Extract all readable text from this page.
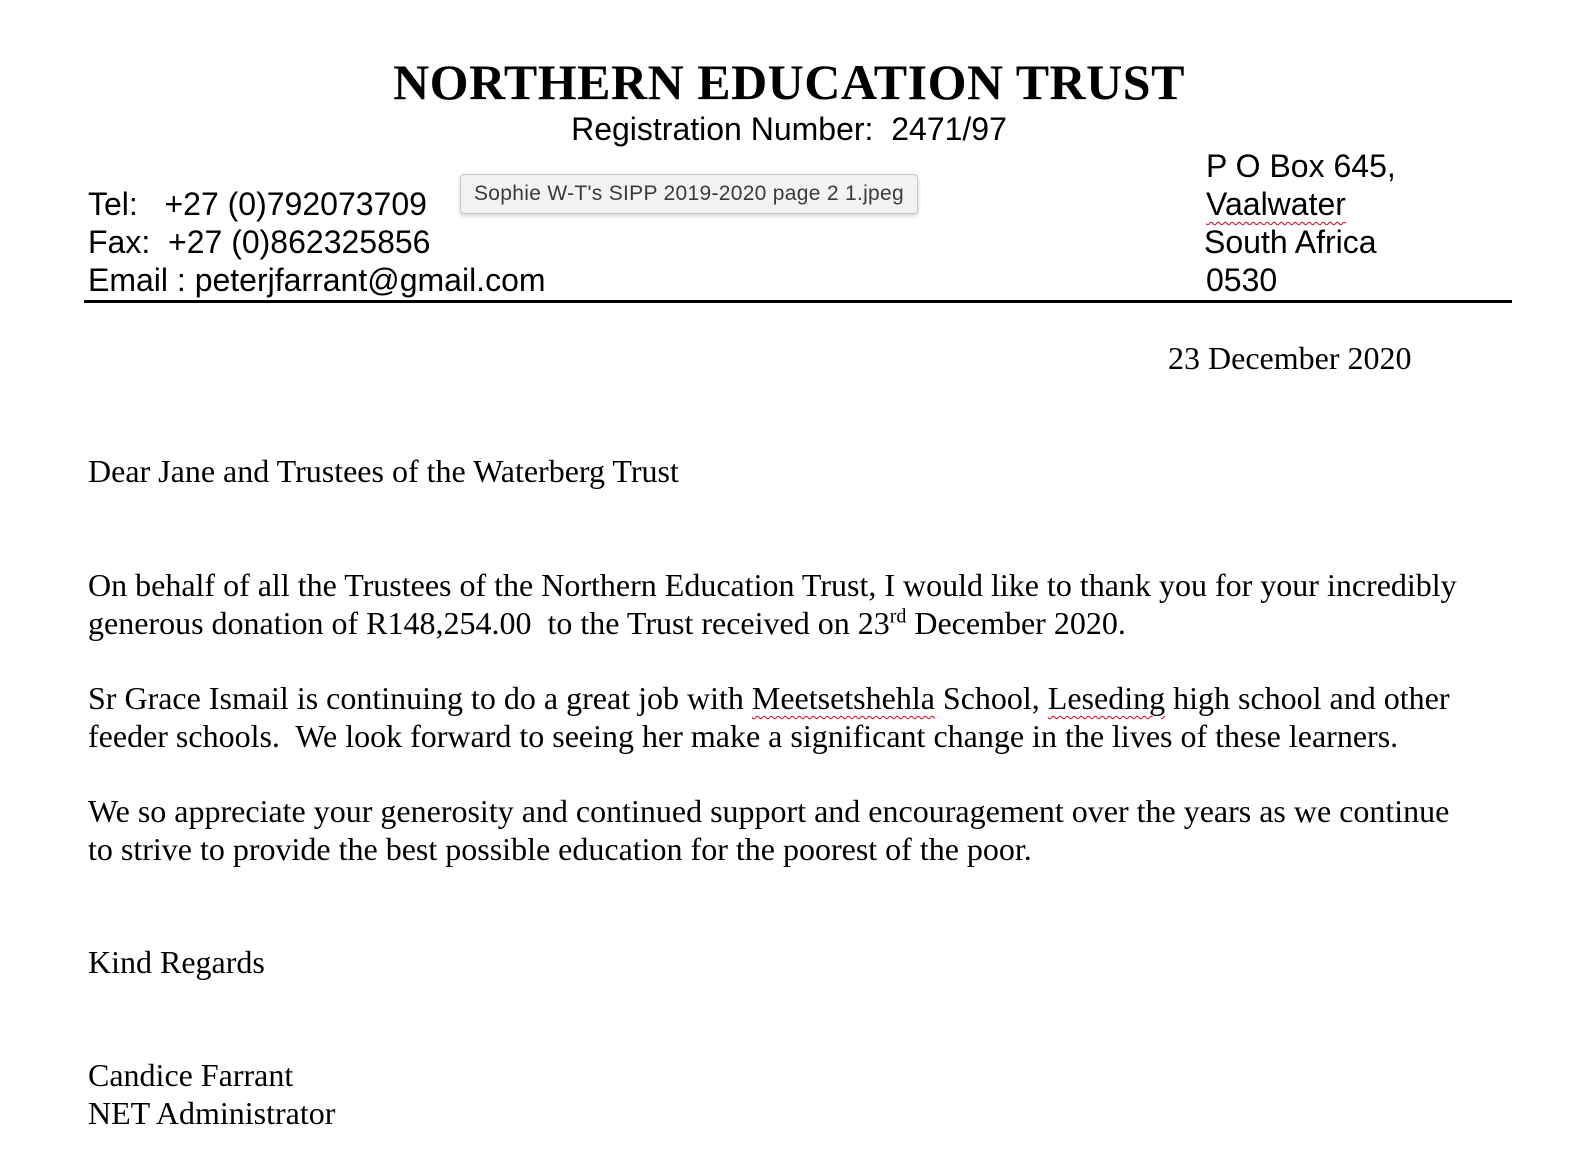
NORTHERN EDUCATION TRUST
Registration Number: 2471/97
Tel:   +27 (0)792073709
Fax:  +27 (0)862325856
Email : peterjfarrant@gmail.com
P O Box 645,
Vaalwater
South Africa
0530
Sophie W-T's SIPP 2019-2020 page 2 1.jpeg
23 December 2020
Dear Jane and Trustees of the Waterberg Trust
On behalf of all the Trustees of the Northern Education Trust, I would like to thank you for your incredibly
generous donation of R148,254.00  to the Trust received on 23rd December 2020.
Sr Grace Ismail is continuing to do a great job with Meetsetshehla School, Leseding high school and other
feeder schools.  We look forward to seeing her make a significant change in the lives of these learners.
We so appreciate your generosity and continued support and encouragement over the years as we continue
to strive to provide the best possible education for the poorest of the poor.
Kind Regards
Candice Farrant
NET Administrator
